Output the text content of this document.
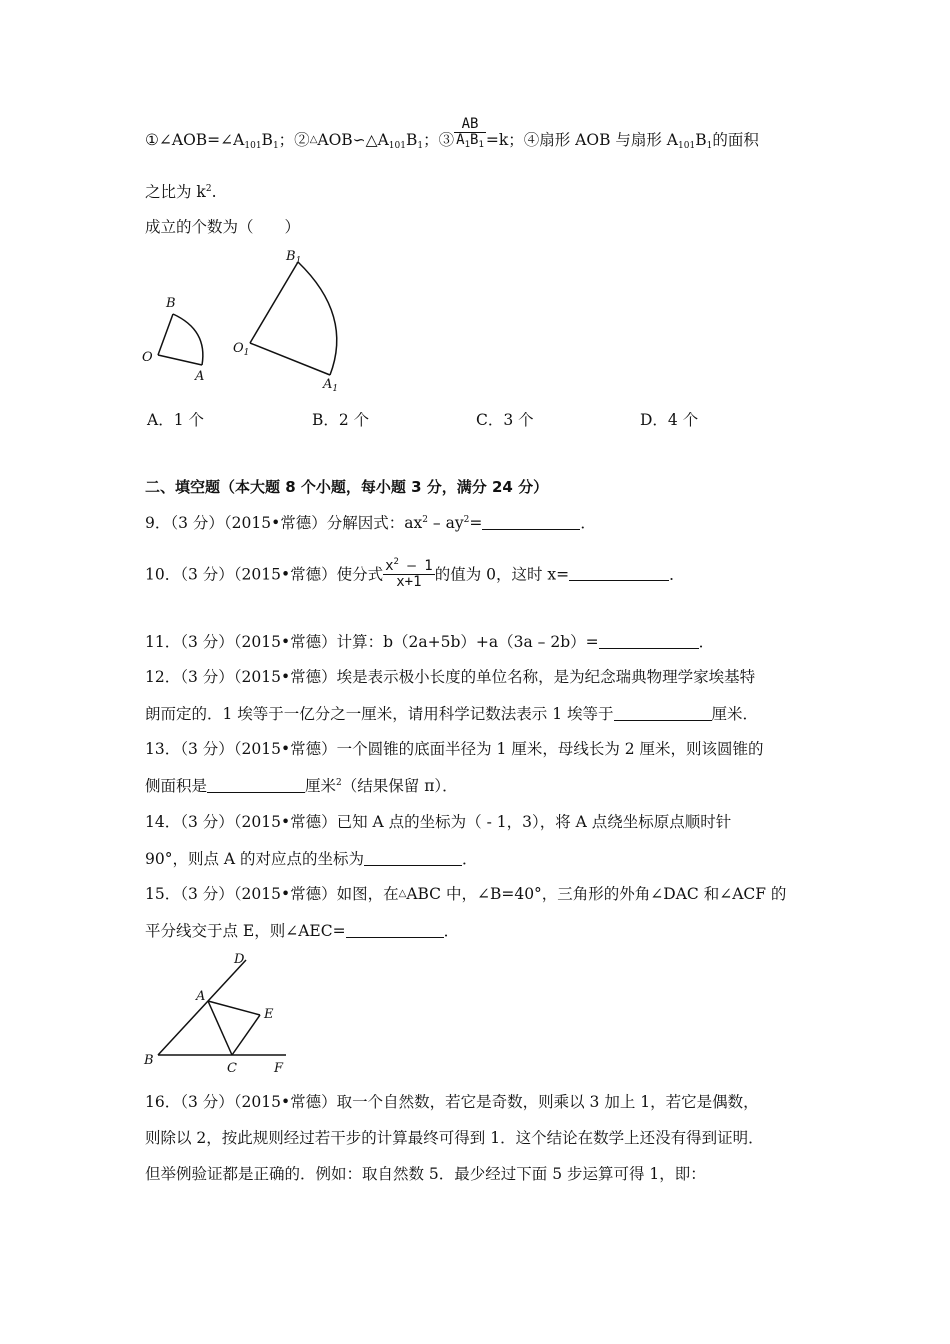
$①\angle AOB=\angle A_{101}B_1$；$②\triangle AOB∽\triangle A_{101}B_1$；③ $\frac{AB}{A_1B_1} =k$；④扇形 AOB 与扇形 $A_{101}B_1$的面积
之比为 $k^2$.
成立的个数为（　　）
B
O
A
$B_1$
$O_1$
$A_1$
A．1 个	B．2 个	C．3 个	D．4 个
二、填空题（本大题 8 个小题，每小题 3 分，满分 24 分）
9．（3 分）（2015•常德）分解因式：$ax^2 - ay^2=$	．
10．（3 分）（2015•常德）使分式 $\frac{x^2 - 1}{x+1}$ 的值为 0，这时 x=	．
11．（3 分）（2015•常德）计算：b（2a+5b）+a（3a – 2b）=	．
12．（3 分）（2015•常德）埃是表示极小长度的单位名称，是为纪念瑞典物理学家埃基特
朗而定的．1 埃等于一亿分之一厘米，请用科学记数法表示 1 埃等于	厘米．
13．（3 分）（2015•常德）一个圆锥的底面半径为 1 厘米，母线长为 2 厘米，则该圆锥的
侧面积是	厘米$^2$（结果保留 π）．
14．（3 分）（2015•常德）已知 A 点的坐标为（ - 1，3），将 A 点绕坐标原点顺时针
90°，则点 A 的对应点的坐标为	．
15．（3 分）（2015•常德）如图，在△ABC 中，∠B=40°，三角形的外角∠DAC 和∠ACF 的
平分线交于点 E，则∠AEC=	．
D
A
E
B
C	F
16．（3 分）（2015•常德）取一个自然数，若它是奇数，则乘以 3 加上 1，若它是偶数，
则除以 2，按此规则经过若干步的计算最终可得到 1．这个结论在数学上还没有得到证明．
但举例验证都是正确的．例如：取自然数 5．最少经过下面 5 步运算可得 1，即：
